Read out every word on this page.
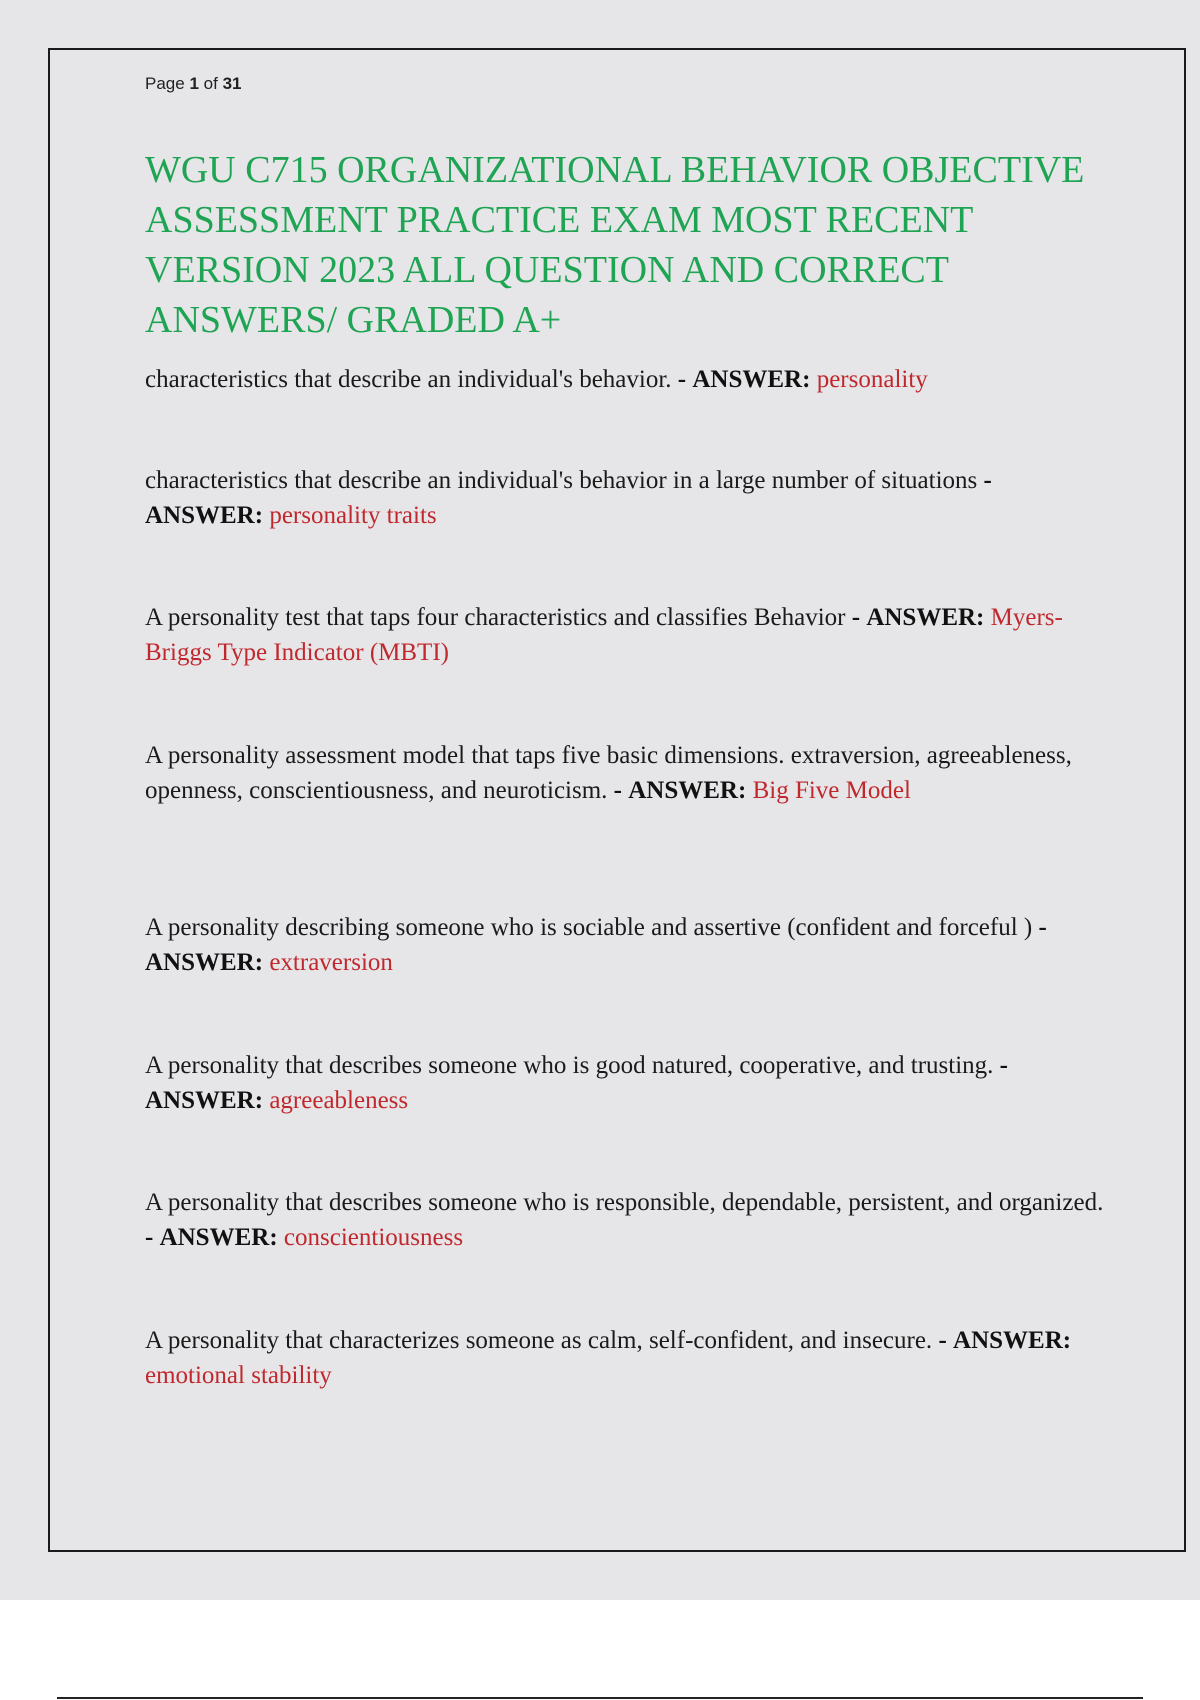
Page 1 of 31
WGU C715 ORGANIZATIONAL BEHAVIOR OBJECTIVE ASSESSMENT PRACTICE EXAM MOST RECENT VERSION 2023 ALL QUESTION AND CORRECT ANSWERS/ GRADED A+

characteristics that describe an individual's behavior. - ANSWER: personality

characteristics that describe an individual's behavior in a large number of situations - ANSWER: personality traits

A personality test that taps four characteristics and classifies Behavior - ANSWER: Myers-Briggs Type Indicator (MBTI)

A personality assessment model that taps five basic dimensions. extraversion, agreeableness, openness, conscientiousness, and neuroticism. - ANSWER: Big Five Model

A personality describing someone who is sociable and assertive (confident and forceful ) - ANSWER: extraversion

A personality that describes someone who is good natured, cooperative, and trusting. - ANSWER: agreeableness

A personality that describes someone who is responsible, dependable, persistent, and organized. - ANSWER: conscientiousness

A personality that characterizes someone as calm, self-confident, and insecure. - ANSWER: emotional stability
